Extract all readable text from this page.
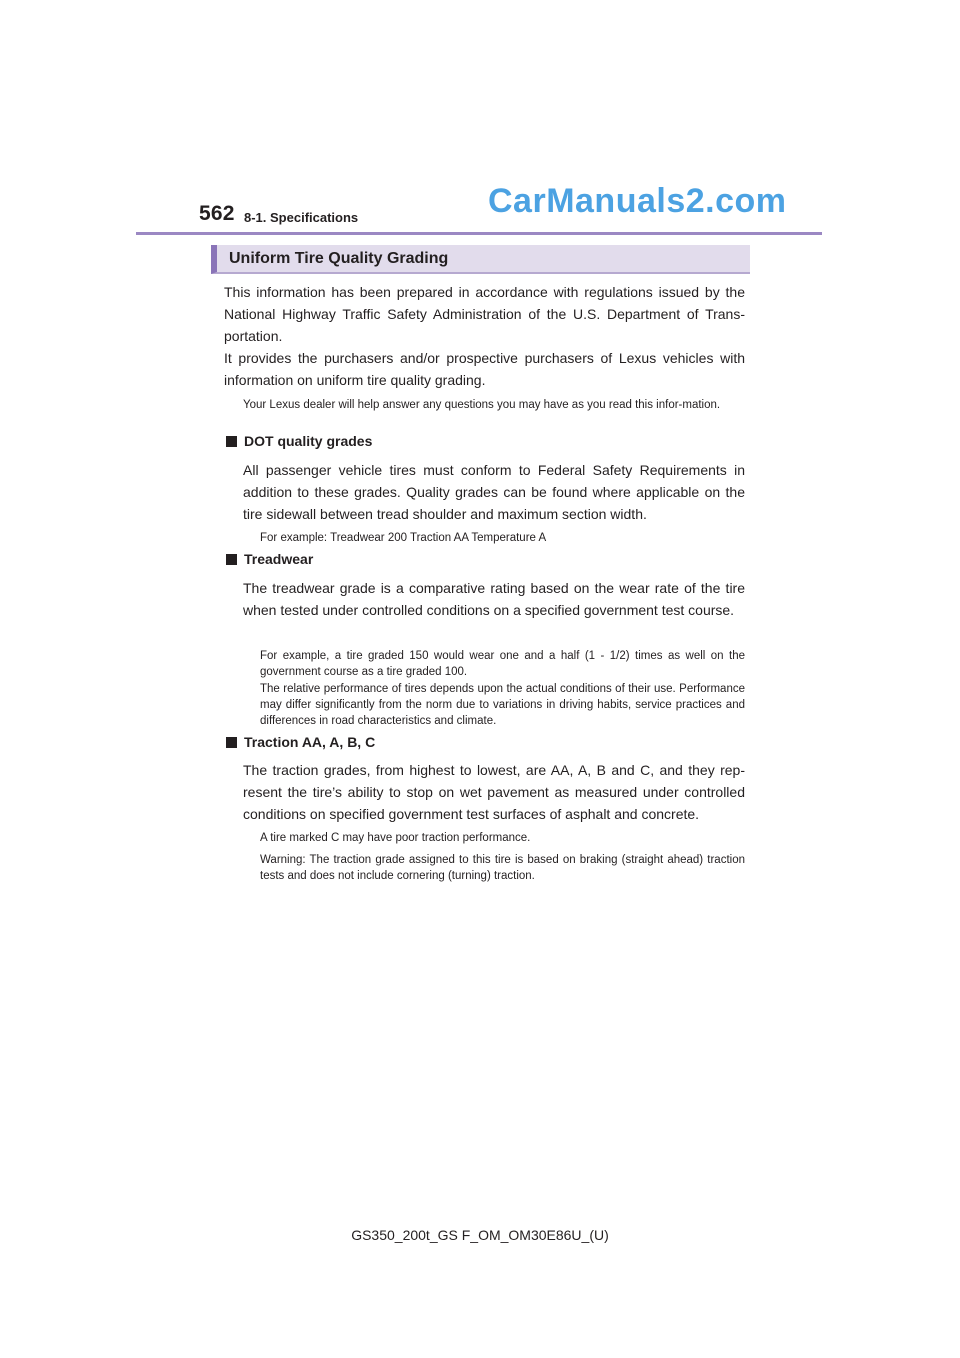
562 8-1. Specifications	CarManuals2.com
Uniform Tire Quality Grading

This information has been prepared in accordance with regulations issued by the National Highway Traffic Safety Administration of the U.S. Department of Trans-portation.

It provides the purchasers and/or prospective purchasers of Lexus vehicles with information on uniform tire quality grading.

Your Lexus dealer will help answer any questions you may have as you read this infor-mation.

DOT quality grades

All passenger vehicle tires must conform to Federal Safety Requirements in addition to these grades. Quality grades can be found where applicable on the tire sidewall between tread shoulder and maximum section width.

For example: Treadwear 200 Traction AA Temperature A

Treadwear

The treadwear grade is a comparative rating based on the wear rate of the tire when tested under controlled conditions on a specified government test course.

For example, a tire graded 150 would wear one and a half (1 - 1/2) times as well on the government course as a tire graded 100.

The relative performance of tires depends upon the actual conditions of their use. Performance may differ significantly from the norm due to variations in driving habits, service practices and differences in road characteristics and climate.

Traction AA, A, B, C

The traction grades, from highest to lowest, are AA, A, B and C, and they rep-resent the tire’s ability to stop on wet pavement as measured under controlled conditions on specified government test surfaces of asphalt and concrete.

A tire marked C may have poor traction performance.

Warning: The traction grade assigned to this tire is based on braking (straight ahead) traction tests and does not include cornering (turning) traction.

GS350_200t_GS F_OM_OM30E86U_(U)
